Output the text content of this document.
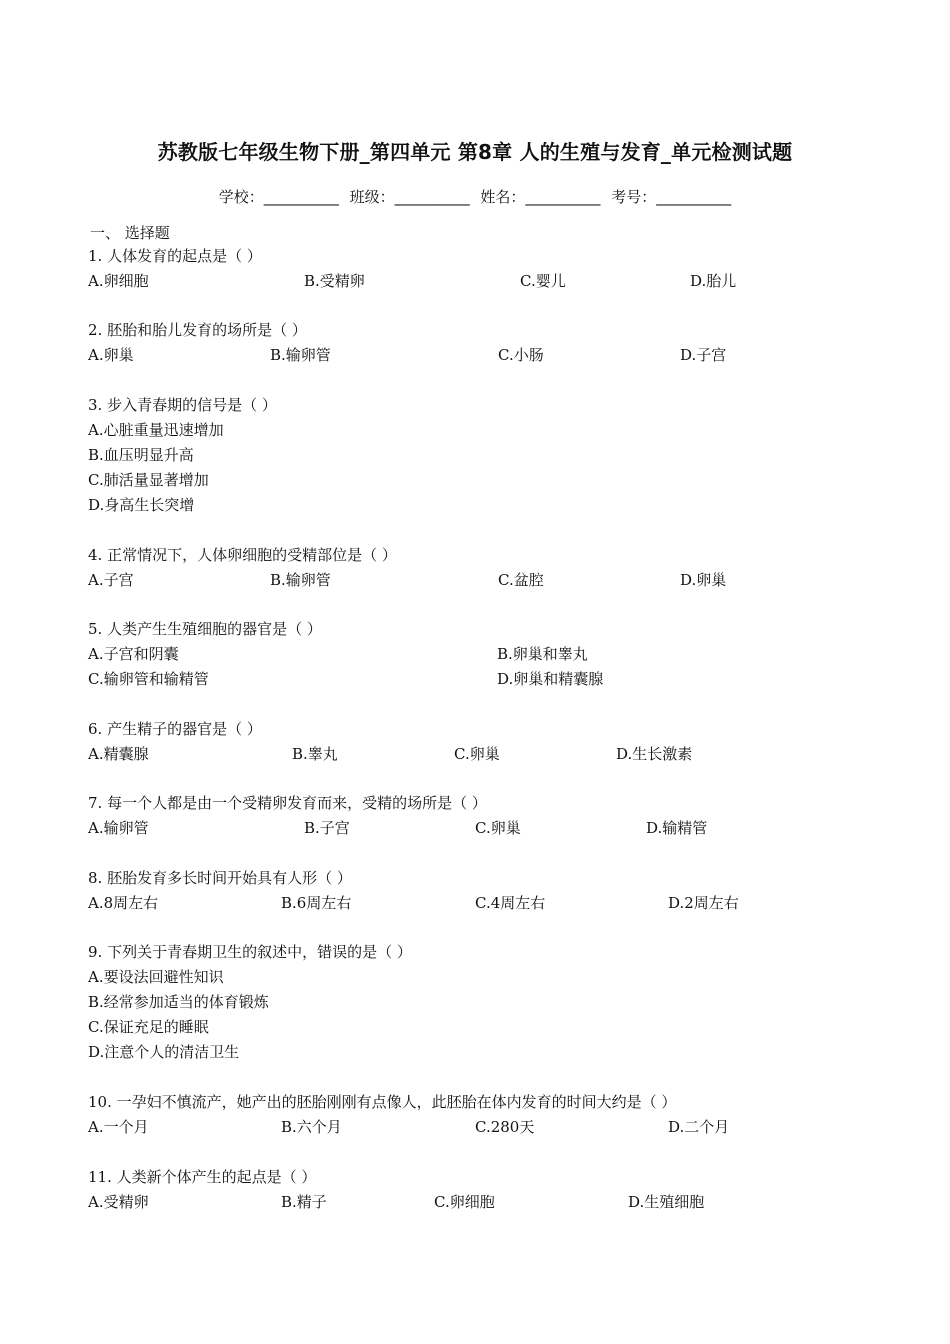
苏教版七年级生物下册_第四单元 第8章 人的生殖与发育_单元检测试题
学校：__________ 班级：__________ 姓名：__________ 考号：__________
一、 选择题
1. 人体发育的起点是（ ）
A.卵细胞	B.受精卵	C.婴儿	D.胎儿
2. 胚胎和胎儿发育的场所是（ ）
A.卵巢	B.输卵管	C.小肠	D.子宫
3. 步入青春期的信号是（ ）
A.心脏重量迅速增加
B.血压明显升高
C.肺活量显著增加
D.身高生长突增
4. 正常情况下，人体卵细胞的受精部位是（ ）
A.子宫	B.输卵管	C.盆腔	D.卵巢
5. 人类产生生殖细胞的器官是（ ）
A.子宫和阴囊	B.卵巢和睾丸
C.输卵管和输精管	D.卵巢和精囊腺
6. 产生精子的器官是（ ）
A.精囊腺	B.睾丸	C.卵巢	D.生长激素
7. 每一个人都是由一个受精卵发育而来，受精的场所是（ ）
A.输卵管	B.子宫	C.卵巢	D.输精管
8. 胚胎发育多长时间开始具有人形（ ）
A.8周左右	B.6周左右	C.4周左右	D.2周左右
9. 下列关于青春期卫生的叙述中，错误的是（ ）
A.要设法回避性知识
B.经常参加适当的体育锻炼
C.保证充足的睡眠
D.注意个人的清洁卫生
10. 一孕妇不慎流产，她产出的胚胎刚刚有点像人，此胚胎在体内发育的时间大约是（ ）
A.一个月	B.六个月	C.280天	D.二个月
11. 人类新个体产生的起点是（ ）
A.受精卵	B.精子	C.卵细胞	D.生殖细胞
